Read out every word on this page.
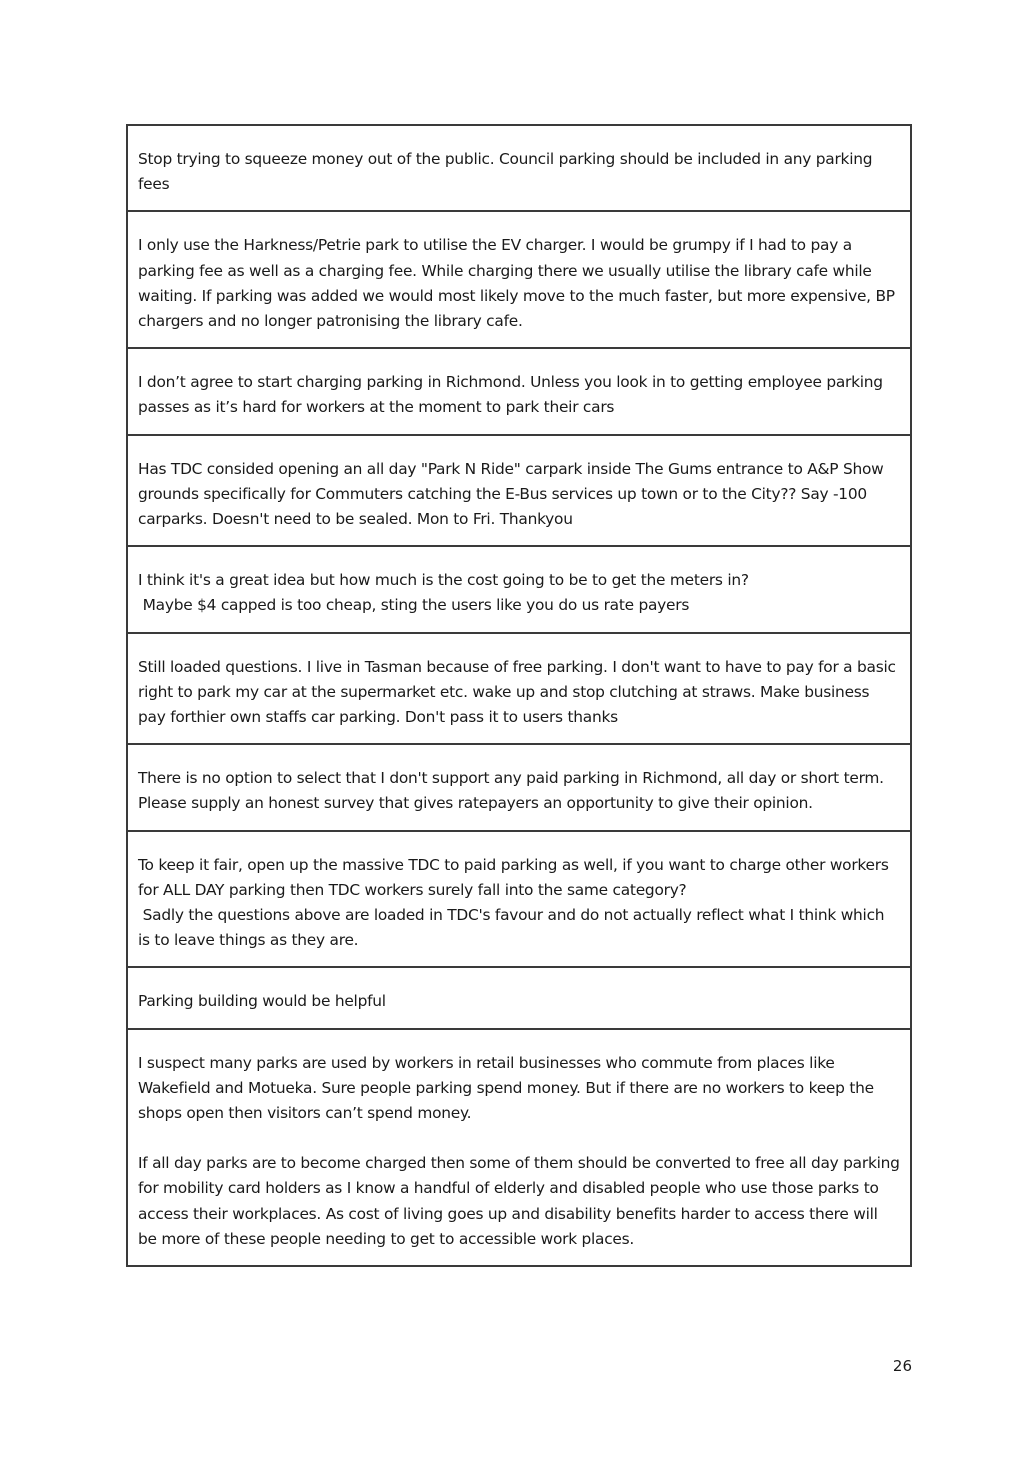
Stop trying to squeeze money out of the public. Council parking should be included in any parking fees

I only use the Harkness/Petrie park to utilise the EV charger. I would be grumpy if I had to pay a parking fee as well as a charging fee. While charging there we usually utilise the library cafe while waiting. If parking was added we would most likely move to the much faster, but more expensive, BP chargers and no longer patronising the library cafe.

I don’t agree to start charging parking in Richmond. Unless you look in to getting employee parking passes as it’s hard for workers at the moment to park their cars

Has TDC consided opening an all day "Park N Ride" carpark inside The Gums entrance to A&P Show grounds specifically for Commuters catching the E-Bus services up town or to the City?? Say -100 carparks. Doesn't need to be sealed. Mon to Fri. Thankyou

I think it's a great idea but how much is the cost going to be to get the meters in?
Maybe $4 capped is too cheap, sting the users like you do us rate payers

Still loaded questions. I live in Tasman because of free parking. I don't want to have to pay for a basic right to park my car at the supermarket etc. wake up and stop clutching at straws. Make business pay forthier own staffs car parking. Don't pass it to users thanks

There is no option to select that I don't support any paid parking in Richmond, all day or short term. Please supply an honest survey that gives ratepayers an opportunity to give their opinion.

To keep it fair, open up the massive TDC to paid parking as well, if you want to charge other workers for ALL DAY parking then TDC workers surely fall into the same category?
Sadly the questions above are loaded in TDC's favour and do not actually reflect what I think which is to leave things as they are.

Parking building would be helpful

I suspect many parks are used by workers in retail businesses who commute from places like Wakefield and Motueka. Sure people parking spend money. But if there are no workers to keep the shops open then visitors can’t spend money.

If all day parks are to become charged then some of them should be converted to free all day parking for mobility card holders as I know a handful of elderly and disabled people who use those parks to access their workplaces. As cost of living goes up and disability benefits harder to access there will be more of these people needing to get to accessible work places.

26
